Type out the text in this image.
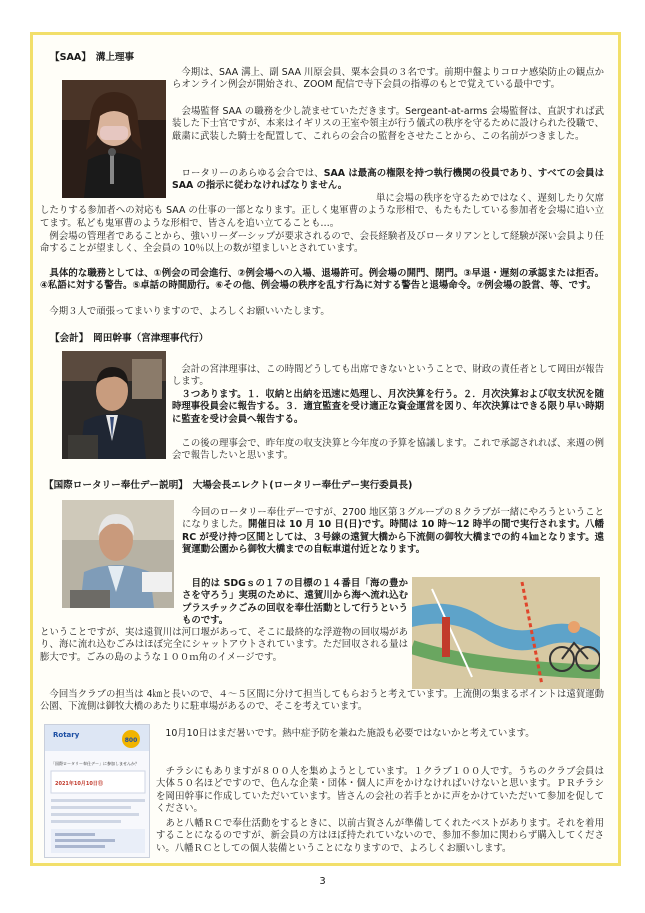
【SAA】　溝上理事
　今期は、SAA 溝上、副 SAA 川原会員、粟本会員の３名です。前期中盤よりコロナ感染防止の観点からオンライン例会が開始され、ZOOM 配信で寺下会員の指導のもとで覚えている最中です。
　会場監督 SAA の職務を少し読ませていただきます。Sergeant-at-arms 会場監督は、直訳すれば武装した下士官ですが、本来はイギリスの王室や領主が行う儀式の秩序を守るために設けられた役職で、厳粛に武装した騎士を配置して、これらの会合の監督をさせたことから、この名前がつきました。
　ロータリーのあらゆる会合では、SAA は最高の権限を持つ執行機関の役員であり、すべての会員は SAA の指示に従わなければなりません。
単に会場の秩序を守るためではなく、遅刻したり欠席したりする参加者への対応も SAA の仕事の一部となります。正しく鬼軍曹のような形相で、もたもたしている参加者を会場に追い立てます。私ども鬼軍曹のような形相で、皆さんを追い立てることも…。
　例会場の管理者であることから、強いリーダーシップが要求されるので、会長経験者及びロータリアンとして経験が深い会員より任命することが望ましく、全会員の 10％以上の数が望ましいとされています。
　具体的な職務としては、①例会の司会進行、②例会場への入場、退場許可。例会場の開門、閉門。③早退・遅刻の承認または拒否。④私語に対する警告。⑤卓話の時間励行。⑥その他、例会場の秩序を乱す行為に対する警告と退場命令。⑦例会場の設営、等、です。
　今期３人で頑張ってまいりますので、よろしくお願いいたします。
【会計】　岡田幹事（宮津理事代行）
　会計の宮津理事は、この時間どうしても出席できないということで、財政の責任者として岡田が報告します。
　３つあります。１．収納と出納を迅速に処理し、月次決算を行う。２．月次決算および収支状況を随時理事役員会に報告する。３．適宜監査を受け適正な資金運営を図り、年次決算はできる限り早い時期に監査を受け会員へ報告する。
　この後の理事会で、昨年度の収支決算と今年度の予算を協議します。これで承認されれば、来週の例会で報告したいと思います。
【国際ロータリー奉仕デー説明】　大場会長エレクト(ロータリー奉仕デー実行委員長)
　今回のロータリー奉仕デーですが、2700 地区第３グループの８クラブが一緒にやろうということになりました。開催日は 10 月 10 日(日)です。時間は 10 時～12 時半の間で実行されます。八幡 RC が受け持つ区間としては、３号線の遠賀大橋から下流側の御牧大橋までの約４㎞となります。遠賀運動公園から御牧大橋までの自転車道付近となります。
　目的は SDGｓの１７の目標の１４番目「海の豊かさを守ろう」実現のために、遠賀川から海へ流れ込むプラスチックごみの回収を奉仕活動として行うというものです。
ということですが、実は遠賀川は河口堰があって、そこに最終的な浮遊物の回収場があり、海に流れ込むごみはほぼ完全にシャットアウトされています。ただ回収される量は膨大です。ごみの島のような１００ｍ角のイメージです。
　今回当クラブの担当は 4㎞と長いので、４～５区間に分けて担当してもらおうと考えています。上流側の集まるポイントは遠賀運動公園、下流側は御牧大橋のあたりに駐車場があるので、そこを考えています。
800
Rotary
「国際ロータリー奉仕デー」に参加しませんか？
2021年10月10日㊐
　10月10日はまだ暑いです。熱中症予防を兼ねた施設も必要ではないかと考えています。
　チラシにもありますが８００人を集めようとしています。１クラブ１００人です。うちのクラブ会員は大体５０名ほどですので、色んな企業・団体・個人に声をかけなければいけないと思います。ＰＲチラシを岡田幹事に作成していただいています。皆さんの会社の若手とかに声をかけていただいて参加を促してください。
　あと八幡ＲＣで奉仕活動をするときに、以前古賀さんが準備してくれたベストがあります。それを着用することになるのですが、新会員の方はほぼ持たれていないので、参加不参加に関わらず購入してください。八幡ＲＣとしての個人装備ということになりますので、よろしくお願いします。
3
